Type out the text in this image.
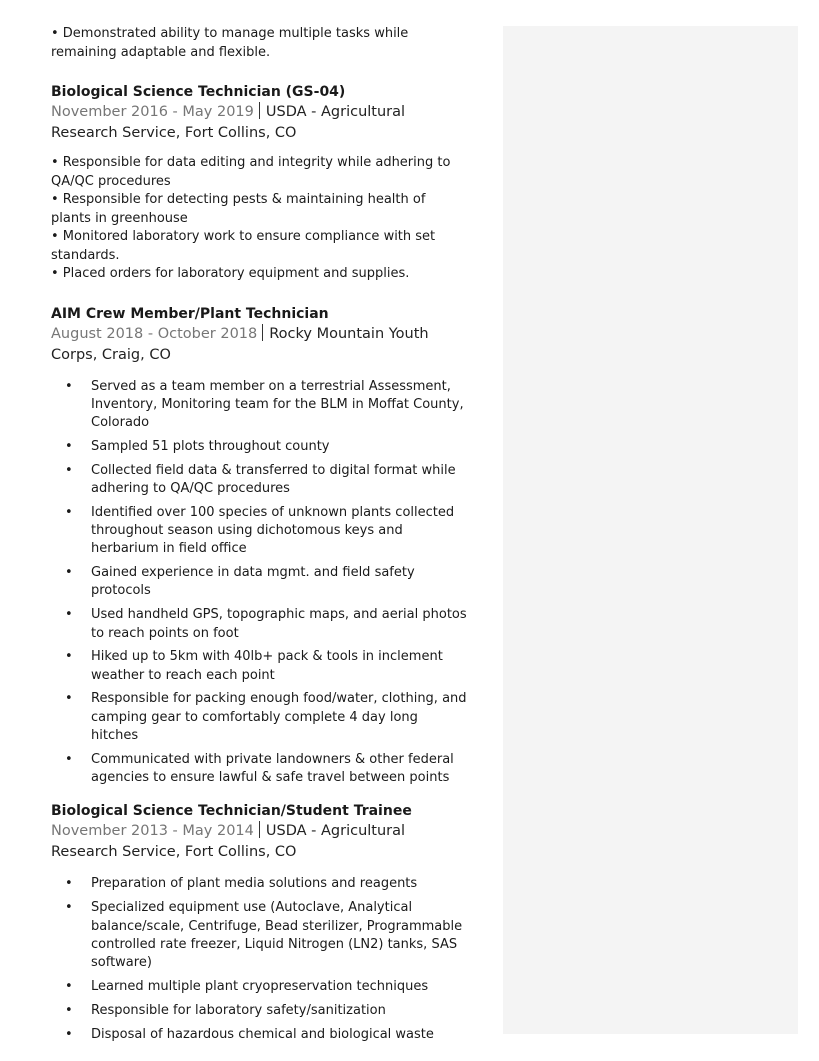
• Demonstrated ability to manage multiple tasks while remaining adaptable and flexible.

Biological Science Technician (GS-04)

November 2016 - May 2019 USDA - Agricultural Research Service, Fort Collins, CO

• Responsible for data editing and integrity while adhering to QA/QC procedures

• Responsible for detecting pests & maintaining health of plants in greenhouse

• Monitored laboratory work to ensure compliance with set standards.

• Placed orders for laboratory equipment and supplies.

AIM Crew Member/Plant Technician

August 2018 - October 2018 Rocky Mountain Youth Corps, Craig, CO

• Served as a team member on a terrestrial Assessment, Inventory, Monitoring team for the BLM in Moffat County, Colorado
• Sampled 51 plots throughout county
• Collected field data & transferred to digital format while adhering to QA/QC procedures
• Identified over 100 species of unknown plants collected throughout season using dichotomous keys and herbarium in field office
• Gained experience in data mgmt. and field safety protocols
• Used handheld GPS, topographic maps, and aerial photos to reach points on foot
• Hiked up to 5km with 40lb+ pack & tools in inclement weather to reach each point
• Responsible for packing enough food/water, clothing, and camping gear to comfortably complete 4 day long hitches
• Communicated with private landowners & other federal agencies to ensure lawful & safe travel between points

Biological Science Technician/Student Trainee

November 2013 - May 2014 USDA - Agricultural Research Service, Fort Collins, CO

• Preparation of plant media solutions and reagents
• Specialized equipment use (Autoclave, Analytical balance/scale, Centrifuge, Bead sterilizer, Programmable controlled rate freezer, Liquid Nitrogen (LN2) tanks, SAS software)
• Learned multiple plant cryopreservation techniques
• Responsible for laboratory safety/sanitization
• Disposal of hazardous chemical and biological waste
